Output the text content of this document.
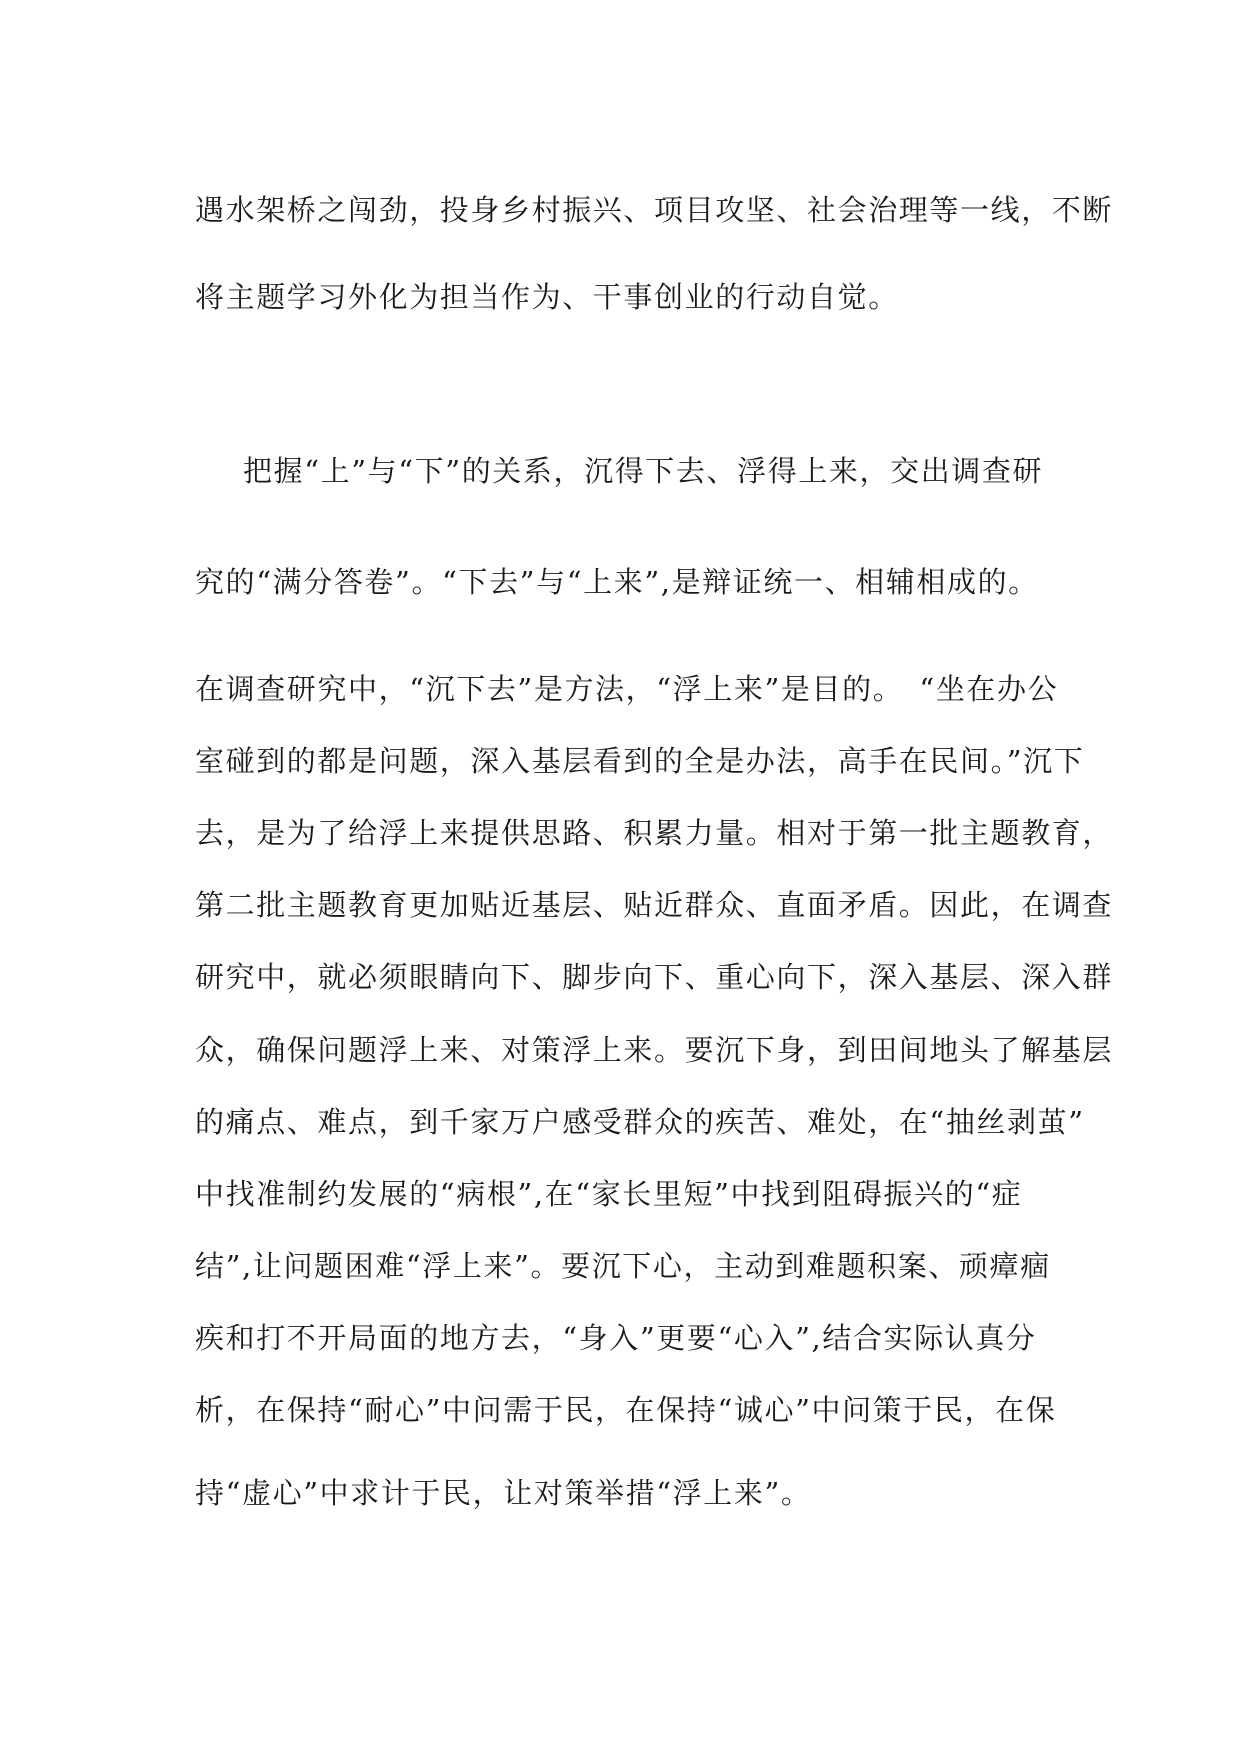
遇水架桥之闯劲，投身乡村振兴、项目攻坚、社会治理等一线，不断
将主题学习外化为担当作为、干事创业的行动自觉。
把握“上”与“下”的关系，沉得下去、浮得上来，交出调查研
究的“满分答卷”。“下去”与“上来”,是辩证统一、相辅相成的。
在调查研究中，“沉下去”是方法，“浮上来”是目的。　“坐在办公
室碰到的都是问题，深入基层看到的全是办法，高手在民间。”沉下
去，是为了给浮上来提供思路、积累力量。相对于第一批主题教育，
第二批主题教育更加贴近基层、贴近群众、直面矛盾。因此，在调查
研究中，就必须眼睛向下、脚步向下、重心向下，深入基层、深入群
众，确保问题浮上来、对策浮上来。要沉下身，到田间地头了解基层
的痛点、难点，到千家万户感受群众的疾苦、难处，在“抽丝剥茧”
中找准制约发展的“病根”,在“家长里短”中找到阻碍振兴的“症
结”,让问题困难“浮上来”。要沉下心，主动到难题积案、顽瘴痼
疾和打不开局面的地方去，“身入”更要“心入”,结合实际认真分
析，在保持“耐心”中问需于民，在保持“诚心”中问策于民，在保
持“虚心”中求计于民，让对策举措“浮上来”。
